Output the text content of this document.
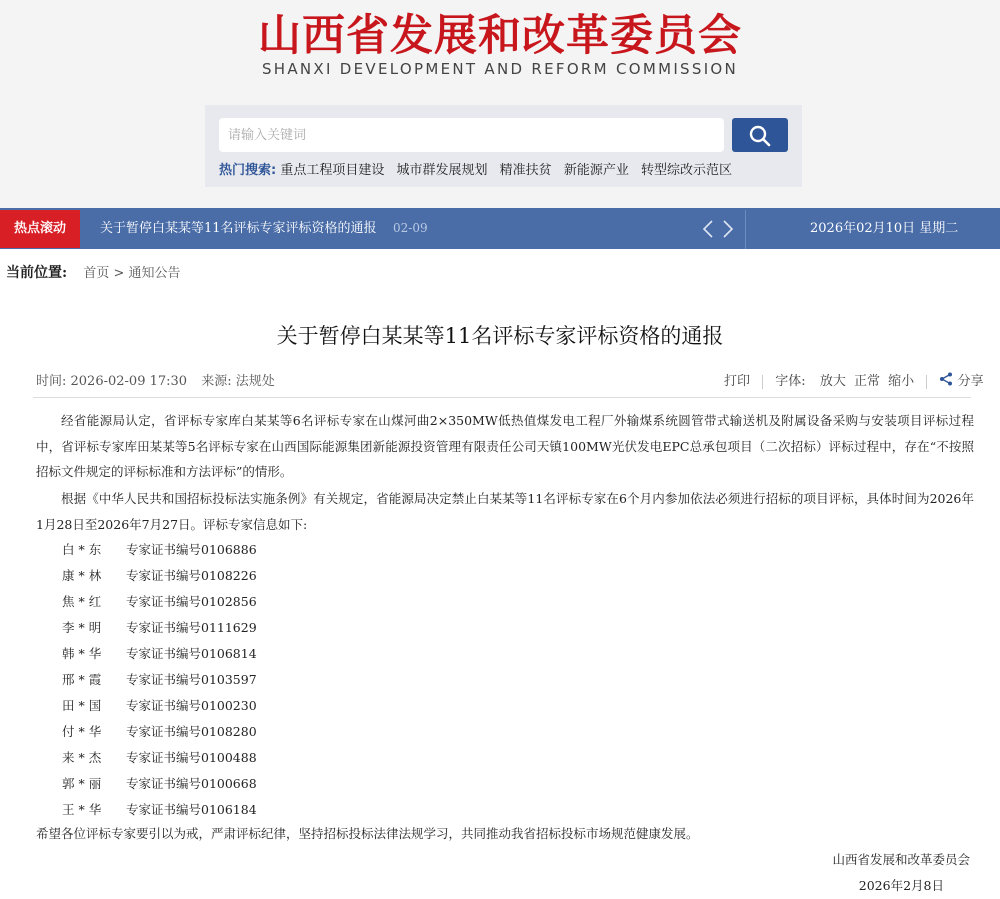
山西省发展和改革委员会
SHANXI DEVELOPMENT AND REFORM COMMISSION
请输入关键词
热门搜索: 重点工程项目建设 城市群发展规划 精准扶贫 新能源产业 转型综改示范区
热点滚动	关于暂停白某某等11名评标专家评标资格的通报 02-09	2026年02月10日 星期二
当前位置: 首页 > 通知公告
关于暂停白某某等11名评标专家评标资格的通报
时间: 2026-02-09 17:30 来源: 法规处	打印 字体: 放大 正常 缩小	分享

经省能源局认定，省评标专家库白某某等6名评标专家在山煤河曲2×350MW低热值煤发电工程厂外输煤系统圆管带式输送机及附属设备采购与安装项目评标过程中，省评标专家库田某某等5名评标专家在山西国际能源集团新能源投资管理有限责任公司天镇100MW光伏发电EPC总承包项目（二次招标）评标过程中，存在“不按照招标文件规定的评标标准和方法评标”的情形。

根据《中华人民共和国招标投标法实施条例》有关规定，省能源局决定禁止白某某等11名评标专家在6个月内参加依法必须进行招标的项目评标，具体时间为2026年1月28日至2026年7月27日。评标专家信息如下:

白 * 东 专家证书编号0106886
康 * 林 专家证书编号0108226
焦 * 红 专家证书编号0102856
李 * 明 专家证书编号0111629
韩 * 华 专家证书编号0106814
邢 * 霞 专家证书编号0103597
田 * 国 专家证书编号0100230
付 * 华 专家证书编号0108280
来 * 杰 专家证书编号0100488
郭 * 丽 专家证书编号0100668
王 * 华 专家证书编号0106184

希望各位评标专家要引以为戒，严肃评标纪律，坚持招标投标法律法规学习，共同推动我省招标投标市场规范健康发展。

山西省发展和改革委员会
2026年2月8日
